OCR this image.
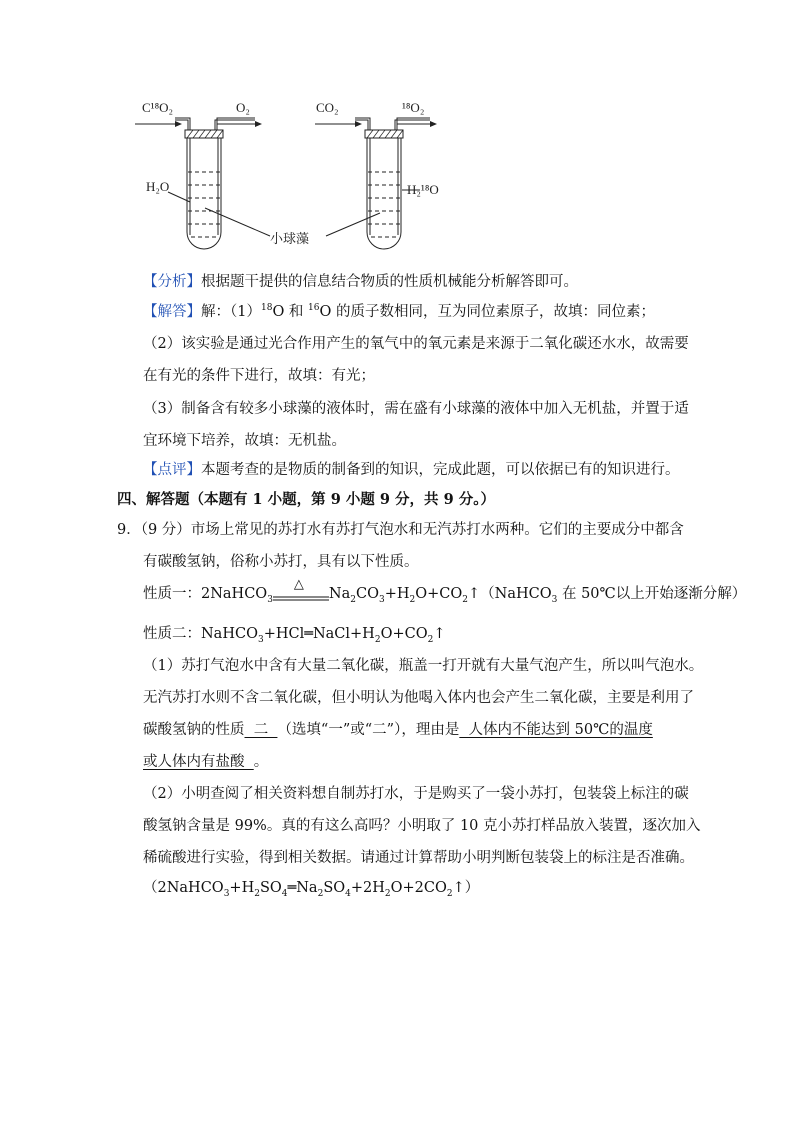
C¹⁸O₂	O₂
H₂O
CO₂	¹⁸O₂
H₂¹⁸O
小球藻
【分析】根据题干提供的信息结合物质的性质机械能分析解答即可。
【解答】解：$(1)^{18}O$ 和 $^{16}$O 的质子数相同，互为同位素原子，故填：同位素；
（2）该实验是通过光合作用产生的氧气中的氧元素是来源于二氧化碳还水水，故需要
在有光的条件下进行，故填：有光；
（3）制备含有较多小球藻的液体时，需在盛有小球藻的液体中加入无机盐，并置于适
宜环境下培养，故填：无机盐。
【点评】本题考查的是物质的制备到的知识，完成此题，可以依据已有的知识进行。
四、解答题（本题有 1 小题，第 9 小题 9 分，共 9 分。）
9．（9 分）市场上常见的苏打水有苏打气泡水和无汽苏打水两种。它们的主要成分中都含
有碳酸氢钠，俗称小苏打，具有以下性质。
性质一：2NaHCO$_3$
△
$Na_2CO_3+H_2O+CO_2↑(NaHCO_3$ 在 50℃以上开始逐渐分解）
性质二：$NaHCO_3+HCl═NaCl+H_2O+CO_2↑$
（1）苏打气泡水中含有大量二氧化碳，瓶盖一打开就有大量气泡产生，所以叫气泡水。
无汽苏打水则不含二氧化碳，但小明认为他喝入体内也会产生二氧化碳，主要是利用了
碳酸氢钠的性质  二  （选填“一”或“二”），理由是  人体内不能达到 50℃的温度
或人体内有盐酸  。
（2）小明查阅了相关资料想自制苏打水，于是购买了一袋小苏打，包装袋上标注的碳
酸氢钠含量是 99%。真的有这么高吗？小明取了 10 克小苏打样品放入装置，逐次加入
稀硫酸进行实验，得到相关数据。请通过计算帮助小明判断包装袋上的标注是否准确。
$(2NaHCO_3+H_2SO_4═Na_2SO_4+2H_2O+2CO_2↑)$
